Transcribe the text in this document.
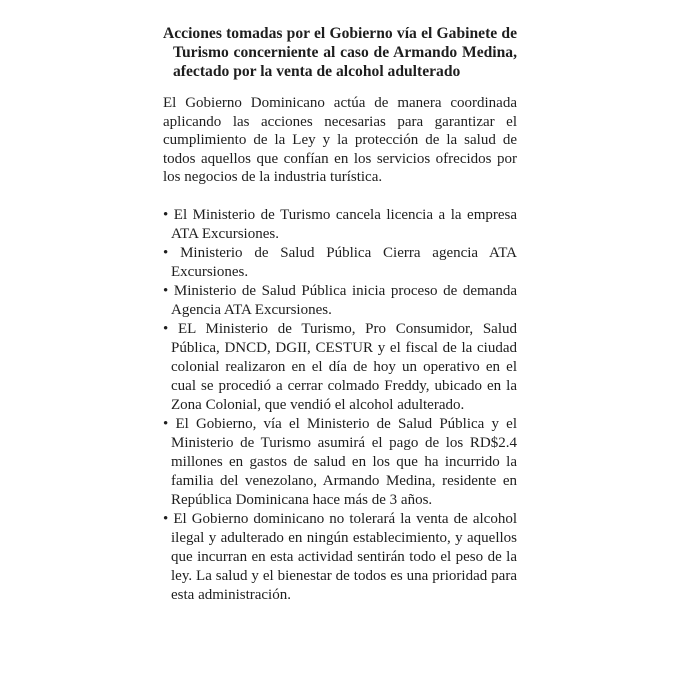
Acciones tomadas por el Gobierno vía el Gabinete de Turismo concerniente al caso de Armando Medina, afectado por la venta de alcohol adulterado

El Gobierno Dominicano actúa de manera coordinada aplicando las acciones necesarias para garantizar el cumplimiento de la Ley y la protección de la salud de todos aquellos que confían en los servicios ofrecidos por los negocios de la industria turística.

• El Ministerio de Turismo cancela licencia a la empresa ATA Excursiones.
• Ministerio de Salud Pública Cierra agencia ATA Excursiones.
• Ministerio de Salud Pública inicia proceso de demanda Agencia ATA Excursiones.
• EL Ministerio de Turismo, Pro Consumidor, Salud Pública, DNCD, DGII, CESTUR y el fiscal de la ciudad colonial realizaron en el día de hoy un operativo en el cual se procedió a cerrar colmado Freddy, ubicado en la Zona Colonial, que vendió el alcohol adulterado.
• El Gobierno, vía el Ministerio de Salud Pública y el Ministerio de Turismo asumirá el pago de los RD$2.4 millones en gastos de salud en los que ha incurrido la familia del venezolano, Armando Medina, residente en República Dominicana hace más de 3 años.
• El Gobierno dominicano no tolerará la venta de alcohol ilegal y adulterado en ningún establecimiento, y aquellos que incurran en esta actividad sentirán todo el peso de la ley. La salud y el bienestar de todos es una prioridad para esta administración.
